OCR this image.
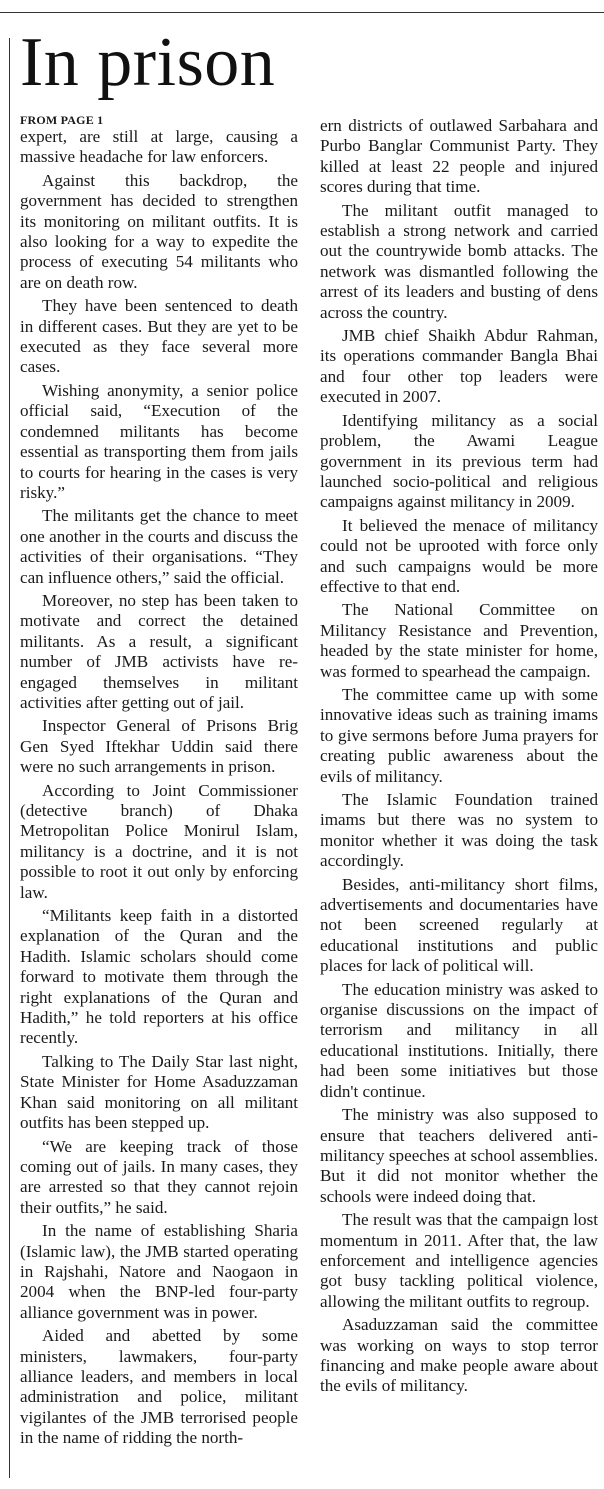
In prison
FROM PAGE 1

expert, are still at large, causing a massive headache for law enforcers.

Against this backdrop, the government has decided to strengthen its monitoring on militant outfits. It is also looking for a way to expedite the process of executing 54 militants who are on death row.

They have been sentenced to death in different cases. But they are yet to be executed as they face several more cases.

Wishing anonymity, a senior police official said, “Execution of the condemned militants has become essential as transporting them from jails to courts for hearing in the cases is very risky.”

The militants get the chance to meet one another in the courts and discuss the activities of their organisations. “They can influence others,” said the official.

Moreover, no step has been taken to motivate and correct the detained militants. As a result, a significant number of JMB activists have re-engaged themselves in militant activities after getting out of jail.

Inspector General of Prisons Brig Gen Syed Iftekhar Uddin said there were no such arrangements in prison.

According to Joint Commissioner (detective branch) of Dhaka Metropolitan Police Monirul Islam, militancy is a doctrine, and it is not possible to root it out only by enforcing law.

“Militants keep faith in a distorted explanation of the Quran and the Hadith. Islamic scholars should come forward to motivate them through the right explanations of the Quran and Hadith,” he told reporters at his office recently.

Talking to The Daily Star last night, State Minister for Home Asaduzzaman Khan said monitoring on all militant outfits has been stepped up.

“We are keeping track of those coming out of jails. In many cases, they are arrested so that they cannot rejoin their outfits,” he said.

In the name of establishing Sharia (Islamic law), the JMB started operating in Rajshahi, Natore and Naogaon in 2004 when the BNP-led four-party alliance government was in power.

Aided and abetted by some ministers, lawmakers, four-party alliance leaders, and members in local administration and police, militant vigilantes of the JMB terrorised people in the name of ridding the north-

ern districts of outlawed Sarbahara and Purbo Banglar Communist Party. They killed at least 22 people and injured scores during that time.

The militant outfit managed to establish a strong network and carried out the countrywide bomb attacks. The network was dismantled following the arrest of its leaders and busting of dens across the country.

JMB chief Shaikh Abdur Rahman, its operations commander Bangla Bhai and four other top leaders were executed in 2007.

Identifying militancy as a social problem, the Awami League government in its previous term had launched socio-political and religious campaigns against militancy in 2009.

It believed the menace of militancy could not be uprooted with force only and such campaigns would be more effective to that end.

The National Committee on Militancy Resistance and Prevention, headed by the state minister for home, was formed to spearhead the campaign.

The committee came up with some innovative ideas such as training imams to give sermons before Juma prayers for creating public awareness about the evils of militancy.

The Islamic Foundation trained imams but there was no system to monitor whether it was doing the task accordingly.

Besides, anti-militancy short films, advertisements and documentaries have not been screened regularly at educational institutions and public places for lack of political will.

The education ministry was asked to organise discussions on the impact of terrorism and militancy in all educational institutions. Initially, there had been some initiatives but those didn't continue.

The ministry was also supposed to ensure that teachers delivered anti-militancy speeches at school assemblies. But it did not monitor whether the schools were indeed doing that.

The result was that the campaign lost momentum in 2011. After that, the law enforcement and intelligence agencies got busy tackling political violence, allowing the militant outfits to regroup.

Asaduzzaman said the committee was working on ways to stop terror financing and make people aware about the evils of militancy.
